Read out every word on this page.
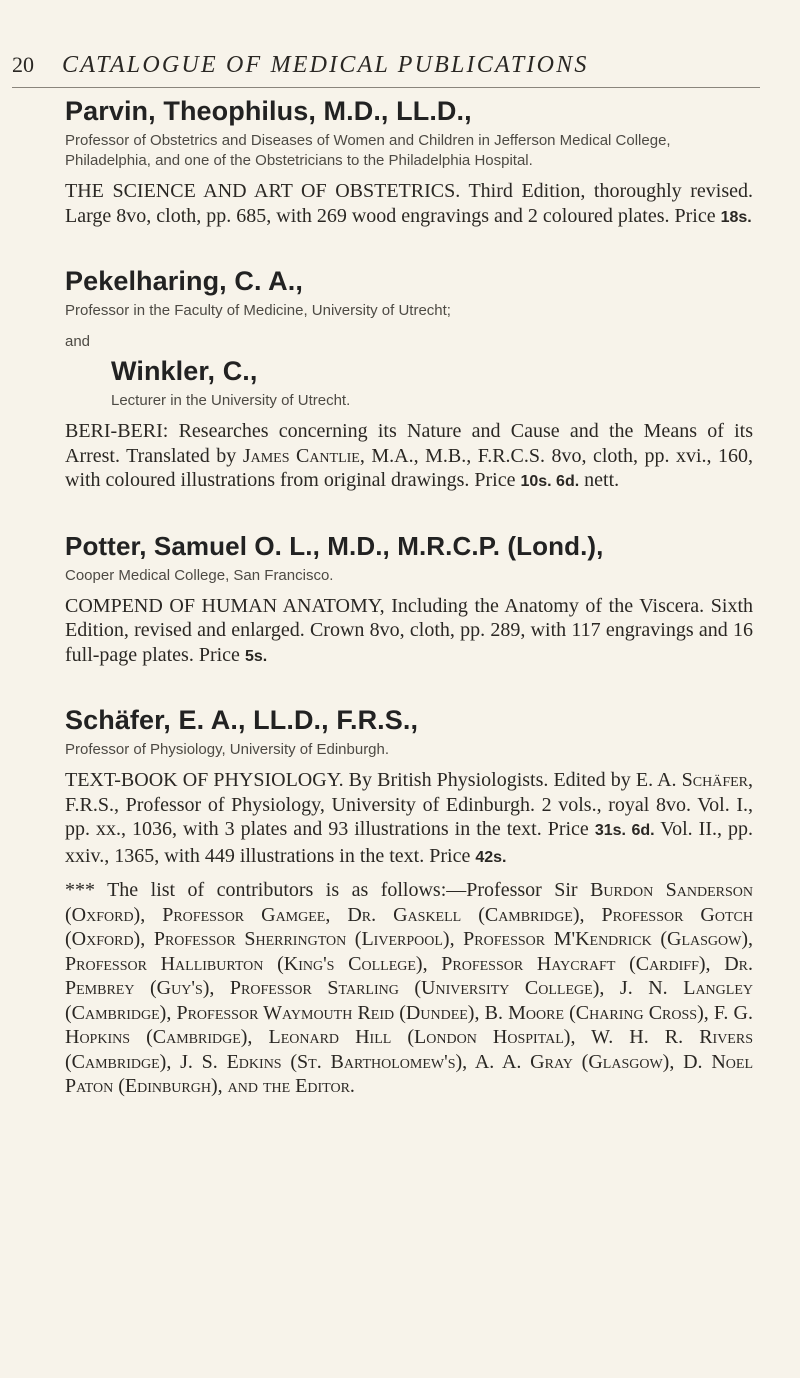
20	CATALOGUE OF MEDICAL PUBLICATIONS
Parvin, Theophilus, M.D., LL.D.,

Professor of Obstetrics and Diseases of Women and Children in Jefferson Medical College, Philadelphia, and one of the Obstetricians to the Philadelphia Hospital.

THE SCIENCE AND ART OF OBSTETRICS. Third Edition, thoroughly revised. Large 8vo, cloth, pp. 685, with 269 wood engravings and 2 coloured plates. Price 18s.

Pekelharing, C. A.,

Professor in the Faculty of Medicine, University of Utrecht;

and

Winkler, C.,

Lecturer in the University of Utrecht.

BERI-BERI: Researches concerning its Nature and Cause and the Means of its Arrest. Translated by James Cantlie, M.A., M.B., F.R.C.S. 8vo, cloth, pp. xvi., 160, with coloured illustrations from original drawings. Price 10s. 6d. nett.

Potter, Samuel O. L., M.D., M.R.C.P. (Lond.),

Cooper Medical College, San Francisco.

COMPEND OF HUMAN ANATOMY, Including the Anatomy of the Viscera. Sixth Edition, revised and enlarged. Crown 8vo, cloth, pp. 289, with 117 engravings and 16 full-page plates. Price 5s.

Schäfer, E. A., LL.D., F.R.S.,

Professor of Physiology, University of Edinburgh.

TEXT-BOOK OF PHYSIOLOGY. By British Physiologists. Edited by E. A. Schäfer, F.R.S., Professor of Physiology, University of Edinburgh. 2 vols., royal 8vo. Vol. I., pp. xx., 1036, with 3 plates and 93 illustrations in the text. Price 31s. 6d. Vol. II., pp. xxiv., 1365, with 449 illustrations in the text. Price 42s.

*** The list of contributors is as follows:—Professor Sir Burdon Sanderson (Oxford), Professor Gamgee, Dr. Gaskell (Cambridge), Professor Gotch (Oxford), Professor Sherrington (Liverpool), Professor M'Kendrick (Glasgow), Professor Halliburton (King's College), Professor Haycraft (Cardiff), Dr. Pembrey (Guy's), Professor Starling (University College), J. N. Langley (Cambridge), Professor Waymouth Reid (Dundee), B. Moore (Charing Cross), F. G. Hopkins (Cambridge), Leonard Hill (London Hospital), W. H. R. Rivers (Cambridge), J. S. Edkins (St. Bartholomew's), A. A. Gray (Glasgow), D. Noel Paton (Edinburgh), and the Editor.
